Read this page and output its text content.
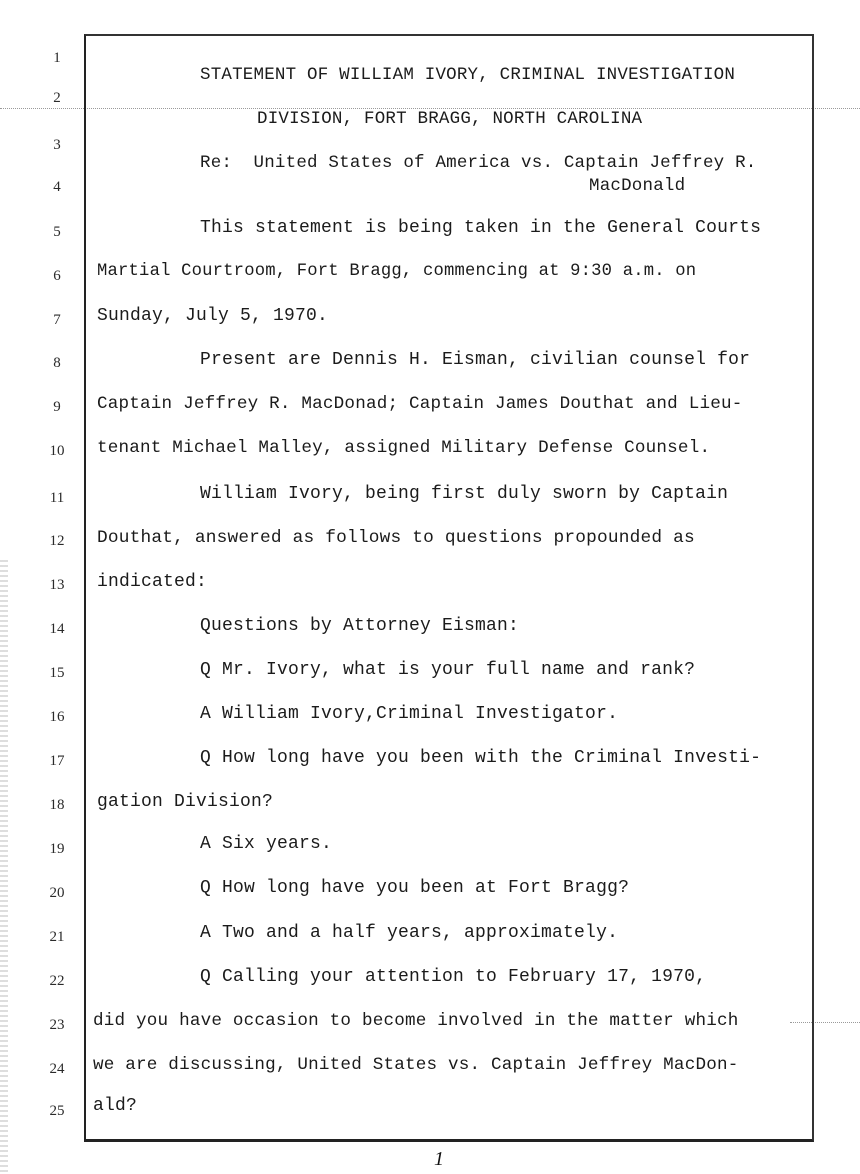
1
2
3
4
5
6
7
8
9
10
11
12
13
14
15
16
17
18
19
20
21
22
23
24
25
STATEMENT OF WILLIAM IVORY, CRIMINAL INVESTIGATION
DIVISION, FORT BRAGG, NORTH CAROLINA
Re:  United States of America vs. Captain Jeffrey R.
MacDonald
This statement is being taken in the General Courts
Martial Courtroom, Fort Bragg, commencing at 9:30 a.m. on
Sunday, July 5, 1970.
Present are Dennis H. Eisman, civilian counsel for
Captain Jeffrey R. MacDonad; Captain James Douthat and Lieu-
tenant Michael Malley, assigned Military Defense Counsel.
William Ivory, being first duly sworn by Captain
Douthat, answered as follows to questions propounded as
indicated:
Questions by Attorney Eisman:
Q Mr. Ivory, what is your full name and rank?
A William Ivory,Criminal Investigator.
Q How long have you been with the Criminal Investi-
gation Division?
A Six years.
Q How long have you been at Fort Bragg?
A Two and a half years, approximately.
Q Calling your attention to February 17, 1970,
did you have occasion to become involved in the matter which
we are discussing, United States vs. Captain Jeffrey MacDon-
ald?
1
